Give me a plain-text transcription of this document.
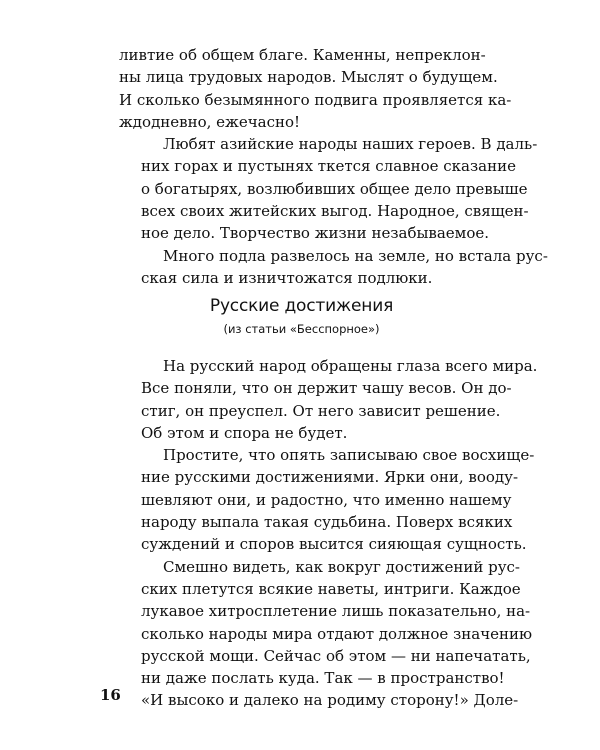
ливтие об общем благе. Каменны, непреклон-
ны лица трудовых народов. Мыслят о будущем.
И сколько безымянного подвига проявляется ка-
ждодневно, ежечасно!

Любят азийские народы наших героев. В даль-
них горах и пустынях ткется славное сказание
о богатырях, возлюбивших общее дело превыше
всех своих житейских выгод. Народное, священ-
ное дело. Творчество жизни незабываемое.

Много подла развелось на земле, но встала рус-
ская сила и изничтожатся подлюки.

Русские достижения
(из статьи «Бесспорное»)

На русский народ обращены глаза всего мира.
Все поняли, что он держит чашу весов. Он до-
стиг, он преуспел. От него зависит решение.
Об этом и спора не будет.

Простите, что опять записываю свое восхище-
ние русскими достижениями. Ярки они, вооду-
шевляют они, и радостно, что именно нашему
народу выпала такая судьбина. Поверх всяких
суждений и споров высится сияющая сущность.

Смешно видеть, как вокруг достижений рус-
ских плетутся всякие наветы, интриги. Каждое
лукавое хитросплетение лишь показательно, на-
сколько народы мира отдают должное значению
русской мощи. Сейчас об этом — ни напечатать,
ни даже послать куда. Так — в пространство!
«И высоко и далеко на родиму сторону!» Доле-

16
